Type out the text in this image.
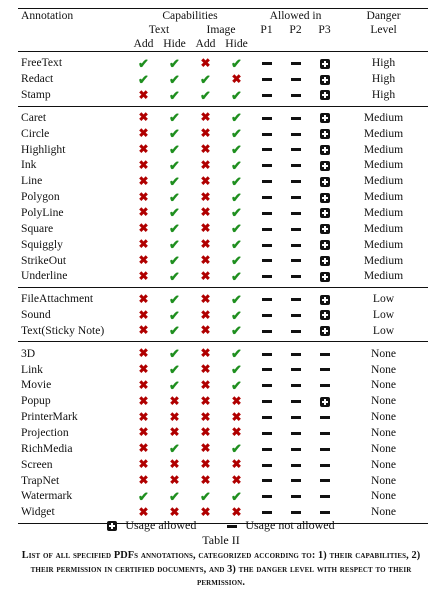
Annotation	Capabilities				Allowed in			Danger
	Text		Image		P1	P2	P3	Level
	Add	Hide	Add	Hide				
FreeText	✔	✔	✖	✔				High
Redact	✔	✔	✔	✖				High
Stamp	✖	✔	✔	✔				High
Caret	✖	✔	✖	✔				Medium
Circle	✖	✔	✖	✔				Medium
Highlight	✖	✔	✖	✔				Medium
Ink	✖	✔	✖	✔				Medium
Line	✖	✔	✖	✔				Medium
Polygon	✖	✔	✖	✔				Medium
PolyLine	✖	✔	✖	✔				Medium
Square	✖	✔	✖	✔				Medium
Squiggly	✖	✔	✖	✔				Medium
StrikeOut	✖	✔	✖	✔				Medium
Underline	✖	✔	✖	✔				Medium
FileAttachment	✖	✔	✖	✔				Low
Sound	✖	✔	✖	✔				Low
Text(Sticky Note)	✖	✔	✖	✔				Low
3D	✖	✔	✖	✔				None
Link	✖	✔	✖	✔				None
Movie	✖	✔	✖	✔				None
Popup	✖	✖	✖	✖				None
PrinterMark	✖	✖	✖	✖				None
Projection	✖	✖	✖	✖				None
RichMedia	✖	✔	✖	✔				None
Screen	✖	✖	✖	✖				None
TrapNet	✖	✖	✖	✖				None
Watermark	✔	✔	✔	✔				None
Widget	✖	✖	✖	✖				None
Usage allowed	Usage not allowed
Table II
List of all specified PDFs annotations, categorized according to: 1) their capabilities, 2) their permission in certified documents, and 3) the danger level with respect to their permission.
